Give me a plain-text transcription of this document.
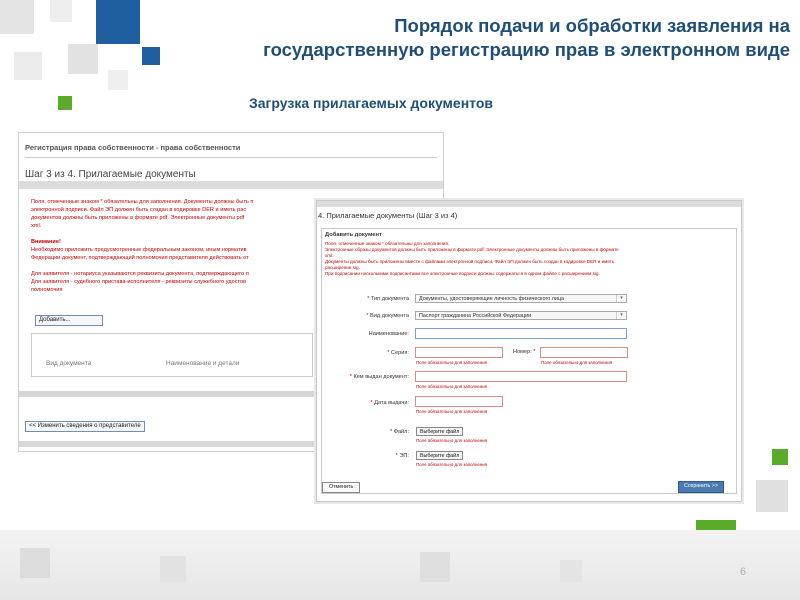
Порядок подачи и обработки заявления на
государственную регистрацию прав в электронном виде
Загрузка прилагаемых документов
Регистрация права собственности - права собственности
Шаг 3 из 4. Прилагаемые документы
Поля, отмеченные знаком * обязательны для заполнения. Документы должны быть п
электронной подписи. Файл ЭП должен быть создан в кодировке DER и иметь рас
документов должны быть приложены в формате pdf. Электронные документы pdf
xml.
Внимание!
Необходимо приложить предусмотренные федеральным законом, иным норматив
Федерации документ, подтверждающий полномочия представителя действовать от
Для заявителя - нотариуса указываются реквизиты документа, подтверждающего п
Для заявителя - судебного пристава-исполнителя - реквизиты служебного удостов
полномочия
Добавить...
Вид документа	Наименование и детали
<< Изменить сведения о представителе
4. Прилагаемые документы (Шаг 3 из 4)
Добавить документ
Поля, отмеченные знаком * обязательны для заполнения.
Электронные образы документов должны быть приложены в формате pdf. Электронные документы должны быть приложены в формате
xml.
Документы должны быть приложены вместе с файлами электронной подписи. Файл ЭП должен быть создан в кодировке DER и иметь
расширение sig.
При подписании несколькими подписантами все электронные подписи должны содержаться в одном файле с расширением sig.
* Тип документа	Документы, удостоверяющие личность физического лица	▾
* Вид документа	Паспорт гражданина Российской Федерации	▾
Наименование:
* Серия:
Поле обязательно для заполнения
Номер: *
Поле обязательно для заполнения
* Кем выдан документ:
Поле обязательно для заполнения
* Дата выдачи:
Поле обязательно для заполнения
* Файл:	Выберите файл
Поле обязательно для заполнения
* ЭП:	Выберите файл
Поле обязательно для заполнения
Отменить	Сохранить >>
6
